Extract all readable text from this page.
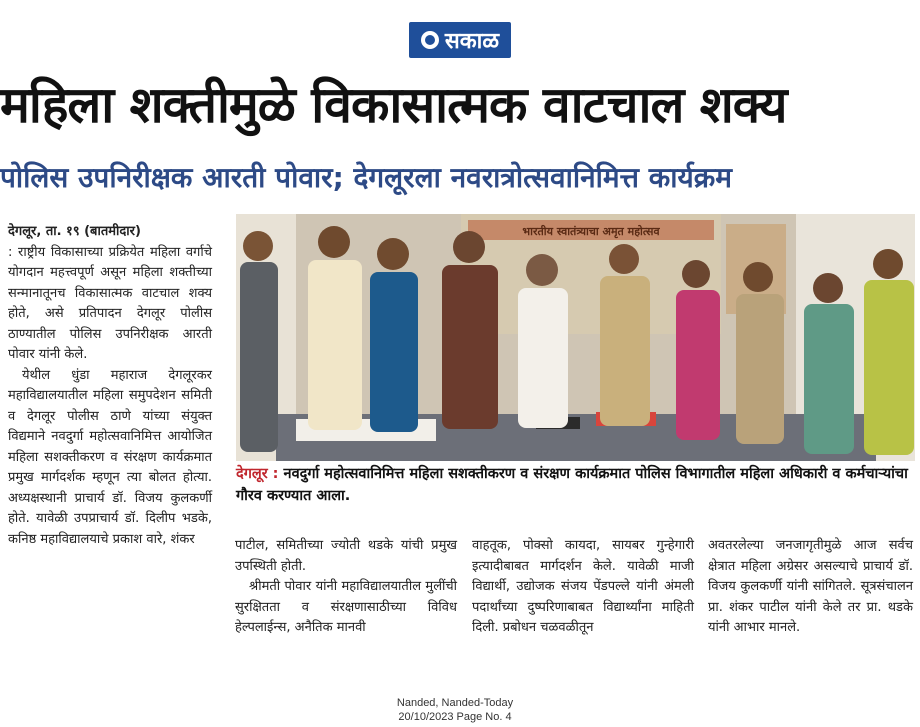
सकाळ
महिला शक्तीमुळे विकासात्मक वाटचाल शक्य
पोलिस उपनिरीक्षक आरती पोवार; देगलूरला नवरात्रोत्सवानिमित्त कार्यक्रम

देगलूर, ता. १९ (बातमीदार)

: राष्ट्रीय विकासाच्या प्रक्रियेत महिला वर्गाचे योगदान महत्त्वपूर्ण असून महिला शक्तीच्या सन्मानातूनच विकासात्मक वाटचाल शक्य होते, असे प्रतिपादन देगलूर पोलीस ठाण्यातील पोलिस उपनिरीक्षक आरती पोवार यांनी केले.

येथील धुंडा महाराज देगलूरकर महाविद्यालयातील महिला समुपदेशन समिती व देगलूर पोलीस ठाणे यांच्या संयुक्त विद्यमाने नवदुर्गा महोत्सवानिमित्त आयोजित महिला सशक्तीकरण व संरक्षण कार्यक्रमात प्रमुख मार्गदर्शक म्हणून त्या बोलत होत्या. अध्यक्षस्थानी प्राचार्य डॉ. विजय कुलकर्णी होते. यावेळी उपप्राचार्य डॉ. दिलीप भडके, कनिष्ठ महाविद्यालयाचे प्रकाश वारे, शंकर

भारतीय स्वातंत्र्याचा अमृत महोत्सव
देगलूर : नवदुर्गा महोत्सवानिमित्त महिला सशक्तीकरण व संरक्षण कार्यक्रमात पोलिस विभागातील महिला अधिकारी व कर्मचाऱ्यांचा गौरव करण्यात आला.

पाटील, समितीच्या ज्योती थडके यांची प्रमुख उपस्थिती होती.

श्रीमती पोवार यांनी महाविद्यालयातील मुलींची सुरक्षितता व संरक्षणासाठीच्या विविध हेल्पलाईन्स, अनैतिक मानवी

वाहतूक, पोक्सो कायदा, सायबर गुन्हेगारी इत्यादीबाबत मार्गदर्शन केले. यावेळी माजी विद्यार्थी, उद्योजक संजय पेंडपल्ले यांनी अंमली पदार्थांच्या दुष्परिणाबाबत विद्यार्थ्यांना माहिती दिली. प्रबोधन चळवळीतून

अवतरलेल्या जनजागृतीमुळे आज सर्वच क्षेत्रात महिला अग्रेसर असल्याचे प्राचार्य डॉ. विजय कुलकर्णी यांनी सांगितले. सूत्रसंचालन प्रा. शंकर पाटील यांनी केले तर प्रा. थडके यांनी आभार मानले.

Nanded, Nanded-Today
20/10/2023 Page No. 4
